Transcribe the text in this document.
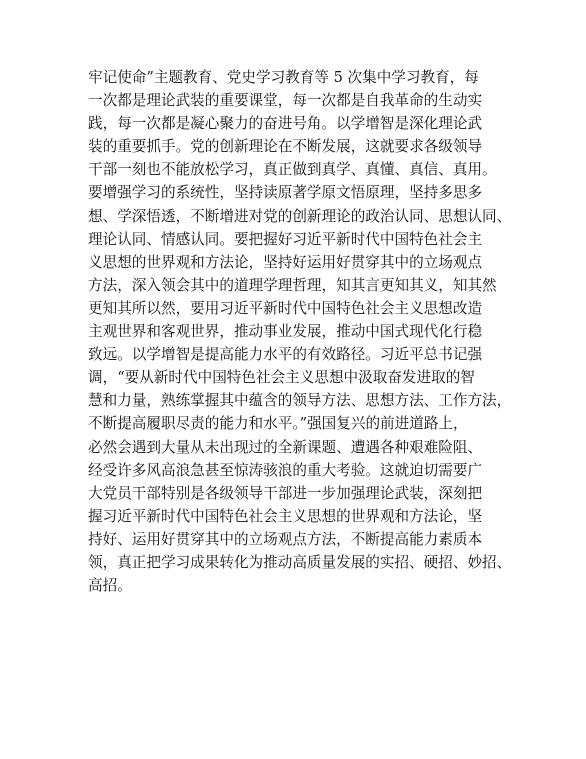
牢记使命”主题教育、党史学习教育等 5 次集中学习教育，每
一次都是理论武装的重要课堂，每一次都是自我革命的生动实
践，每一次都是凝心聚力的奋进号角。以学增智是深化理论武
装的重要抓手。党的创新理论在不断发展，这就要求各级领导
干部一刻也不能放松学习，真正做到真学、真懂、真信、真用。
要增强学习的系统性，坚持读原著学原文悟原理，坚持多思多
想、学深悟透，不断增进对党的创新理论的政治认同、思想认同、
理论认同、情感认同。要把握好习近平新时代中国特色社会主
义思想的世界观和方法论，坚持好运用好贯穿其中的立场观点
方法，深入领会其中的道理学理哲理，知其言更知其义，知其然
更知其所以然，要用习近平新时代中国特色社会主义思想改造
主观世界和客观世界，推动事业发展，推动中国式现代化行稳
致远。以学增智是提高能力水平的有效路径。习近平总书记强
调，“要从新时代中国特色社会主义思想中汲取奋发进取的智
慧和力量，熟练掌握其中蕴含的领导方法、思想方法、工作方法，
不断提高履职尽责的能力和水平。”强国复兴的前进道路上，
必然会遇到大量从未出现过的全新课题、遭遇各种艰难险阻、
经受许多风高浪急甚至惊涛骇浪的重大考验。这就迫切需要广
大党员干部特别是各级领导干部进一步加强理论武装，深刻把
握习近平新时代中国特色社会主义思想的世界观和方法论，坚
持好、运用好贯穿其中的立场观点方法，不断提高能力素质本
领，真正把学习成果转化为推动高质量发展的实招、硬招、妙招、
高招。
